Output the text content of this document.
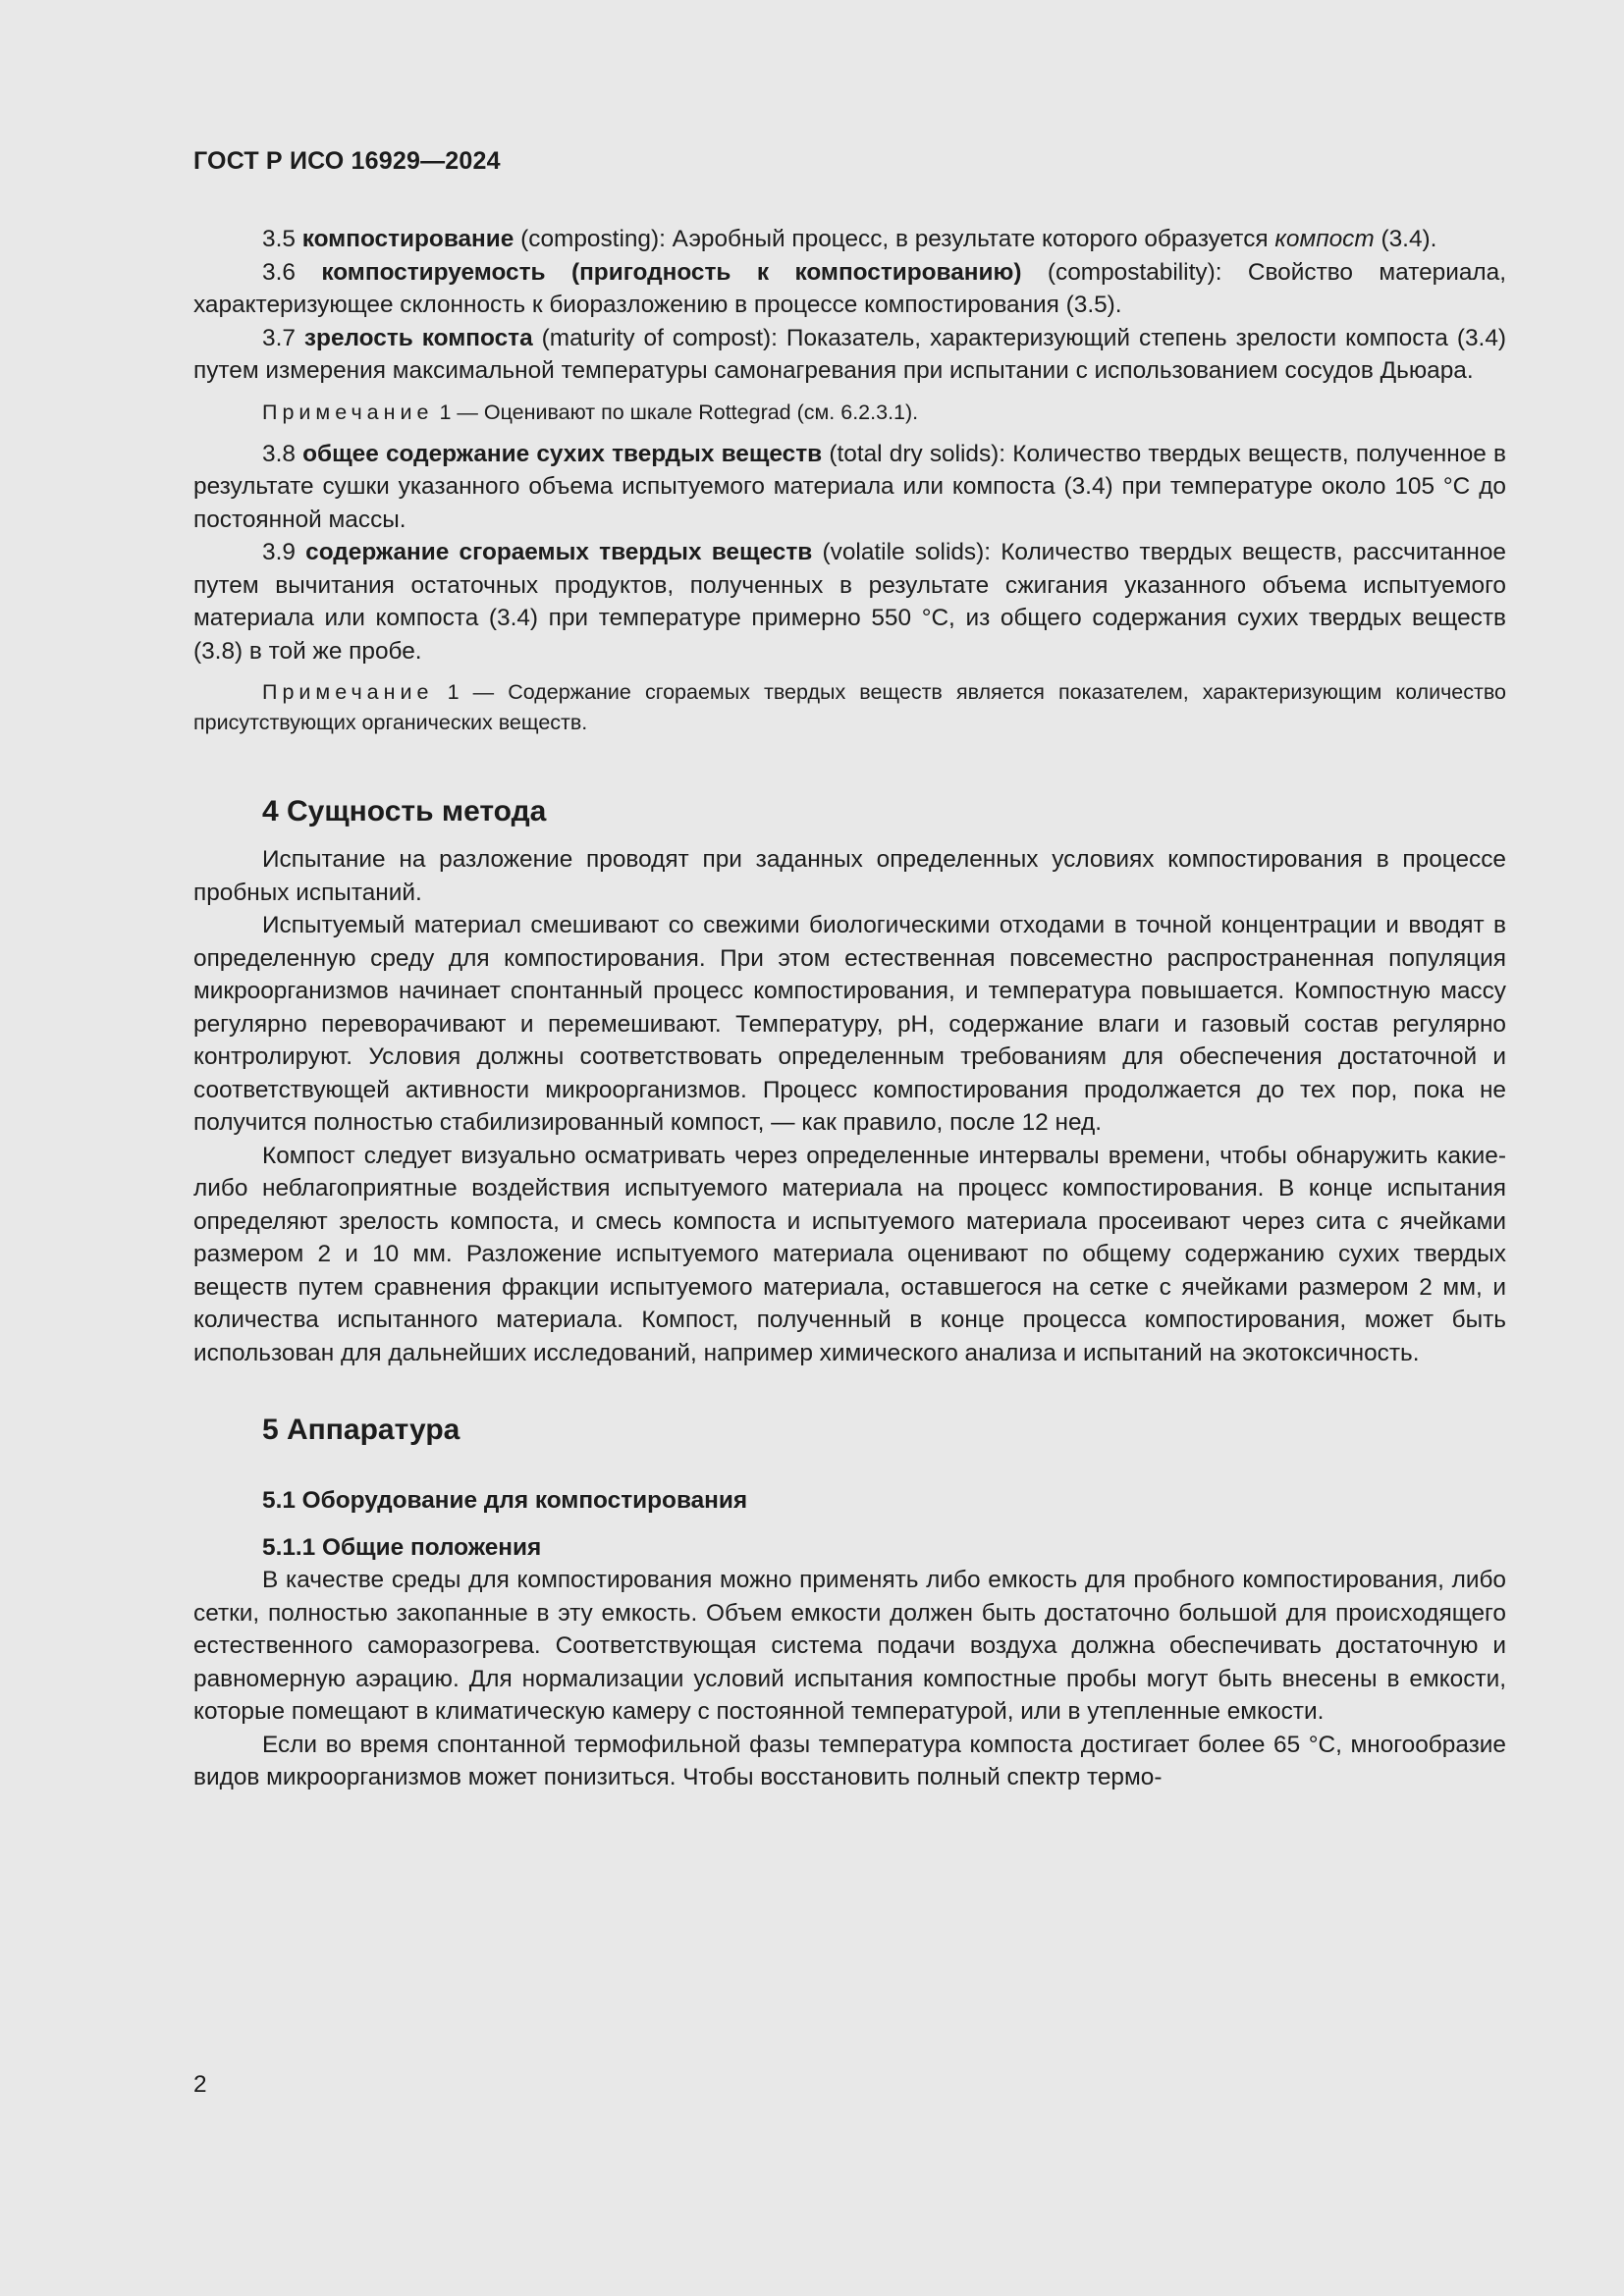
ГОСТ Р ИСО 16929—2024

3.5 компостирование (composting): Аэробный процесс, в результате которого образуется компост (3.4).

3.6 компостируемость (пригодность к компостированию) (compostability): Свойство материала, характеризующее склонность к биоразложению в процессе компостирования (3.5).

3.7 зрелость компоста (maturity of compost): Показатель, характеризующий степень зрелости компоста (3.4) путем измерения максимальной температуры самонагревания при испытании с использованием сосудов Дьюара.

Примечание 1 — Оценивают по шкале Rottegrad (см. 6.2.3.1).

3.8 общее содержание сухих твердых веществ (total dry solids): Количество твердых веществ, полученное в результате сушки указанного объема испытуемого материала или компоста (3.4) при температуре около 105 °С до постоянной массы.

3.9 содержание сгораемых твердых веществ (volatile solids): Количество твердых веществ, рассчитанное путем вычитания остаточных продуктов, полученных в результате сжигания указанного объема испытуемого материала или компоста (3.4) при температуре примерно 550 °С, из общего содержания сухих твердых веществ (3.8) в той же пробе.

Примечание 1 — Содержание сгораемых твердых веществ является показателем, характеризующим количество присутствующих органических веществ.

4 Сущность метода

Испытание на разложение проводят при заданных определенных условиях компостирования в процессе пробных испытаний.

Испытуемый материал смешивают со свежими биологическими отходами в точной концентрации и вводят в определенную среду для компостирования. При этом естественная повсеместно распространенная популяция микроорганизмов начинает спонтанный процесс компостирования, и температура повышается. Компостную массу регулярно переворачивают и перемешивают. Температуру, pH, содержание влаги и газовый состав регулярно контролируют. Условия должны соответствовать определенным требованиям для обеспечения достаточной и соответствующей активности микроорганизмов. Процесс компостирования продолжается до тех пор, пока не получится полностью стабилизированный компост, — как правило, после 12 нед.

Компост следует визуально осматривать через определенные интервалы времени, чтобы обнаружить какие-либо неблагоприятные воздействия испытуемого материала на процесс компостирования. В конце испытания определяют зрелость компоста, и смесь компоста и испытуемого материала просеивают через сита с ячейками размером 2 и 10 мм. Разложение испытуемого материала оценивают по общему содержанию сухих твердых веществ путем сравнения фракции испытуемого материала, оставшегося на сетке с ячейками размером 2 мм, и количества испытанного материала. Компост, полученный в конце процесса компостирования, может быть использован для дальнейших исследований, например химического анализа и испытаний на экотоксичность.

5 Аппаратура
5.1 Оборудование для компостирования
5.1.1 Общие положения

В качестве среды для компостирования можно применять либо емкость для пробного компостирования, либо сетки, полностью закопанные в эту емкость. Объем емкости должен быть достаточно большой для происходящего естественного саморазогрева. Соответствующая система подачи воздуха должна обеспечивать достаточную и равномерную аэрацию. Для нормализации условий испытания компостные пробы могут быть внесены в емкости, которые помещают в климатическую камеру с постоянной температурой, или в утепленные емкости.

Если во время спонтанной термофильной фазы температура компоста достигает более 65 °С, многообразие видов микроорганизмов может понизиться. Чтобы восстановить полный спектр термо-

2
